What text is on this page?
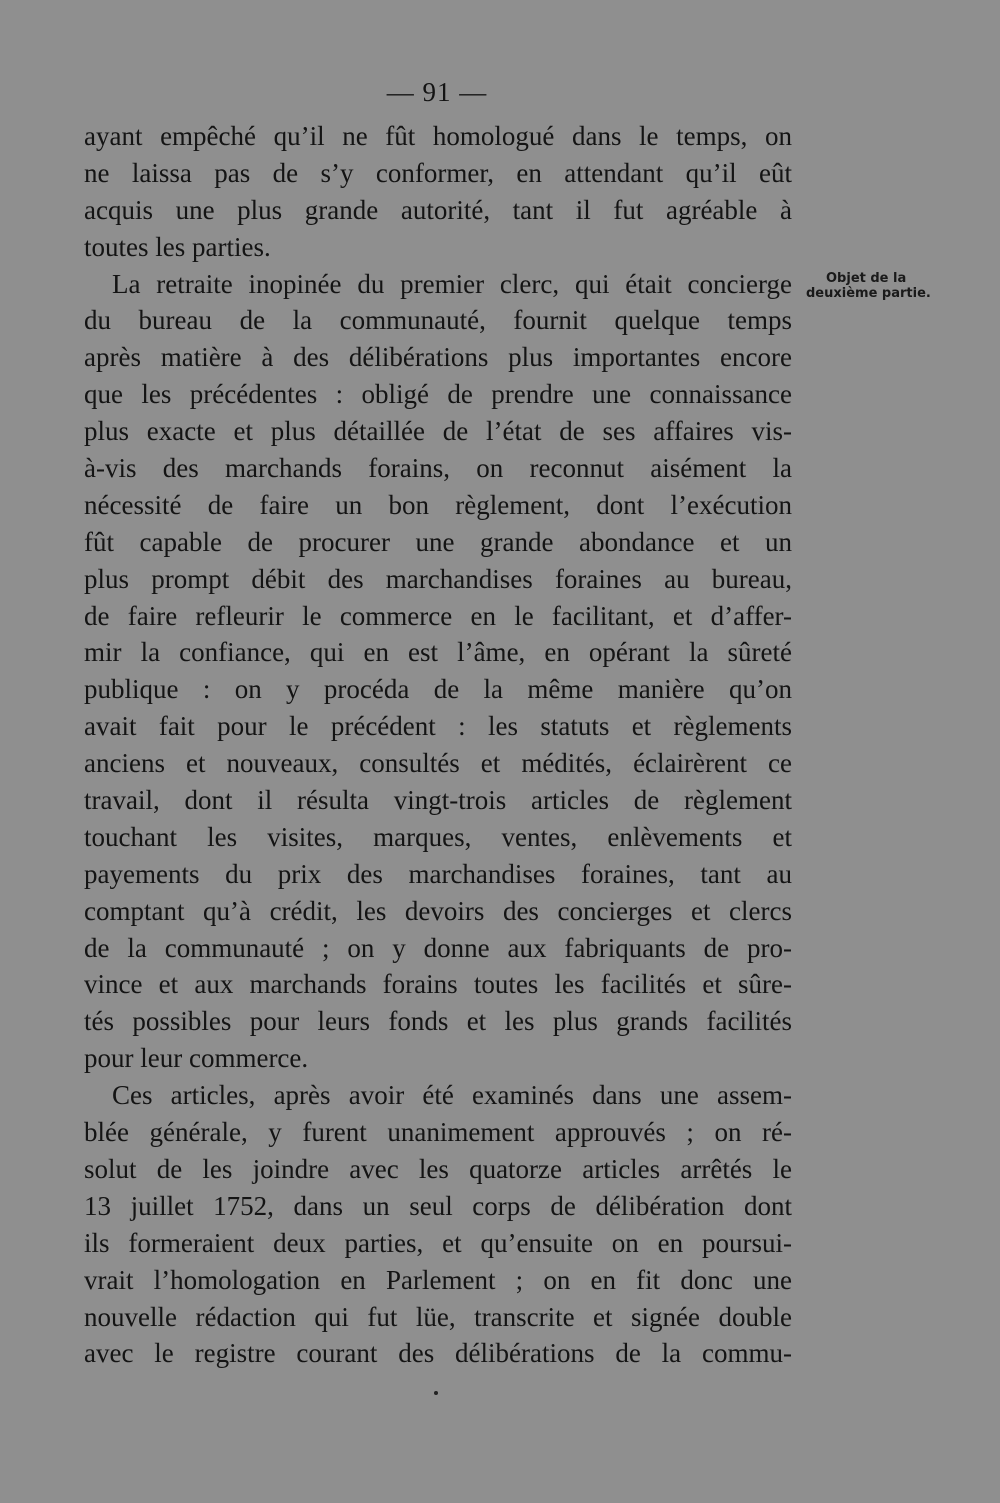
— 91 —
Objet de la
deuxième partie.
ayant empêché qu’il ne fût homologué dans le temps, on
ne laissa pas de s’y conformer, en attendant qu’il eût
acquis une plus grande autorité, tant il fut agréable à
toutes les parties.
La retraite inopinée du premier clerc, qui était concierge
du bureau de la communauté, fournit quelque temps
après matière à des délibérations plus importantes encore
que les précédentes : obligé de prendre une connaissance
plus exacte et plus détaillée de l’état de ses affaires vis-
à-vis des marchands forains, on reconnut aisément la
nécessité de faire un bon règlement, dont l’exécution
fût capable de procurer une grande abondance et un
plus prompt débit des marchandises foraines au bureau,
de faire refleurir le commerce en le facilitant, et d’affer-
mir la confiance, qui en est l’âme, en opérant la sûreté
publique : on y procéda de la même manière qu’on
avait fait pour le précédent : les statuts et règlements
anciens et nouveaux, consultés et médités, éclairèrent ce
travail, dont il résulta vingt-trois articles de règlement
touchant les visites, marques, ventes, enlèvements et
payements du prix des marchandises foraines, tant au
comptant qu’à crédit, les devoirs des concierges et clercs
de la communauté ; on y donne aux fabriquants de pro-
vince et aux marchands forains toutes les facilités et sûre-
tés possibles pour leurs fonds et les plus grands facilités
pour leur commerce.
Ces articles, après avoir été examinés dans une assem-
blée générale, y furent unanimement approuvés ; on ré-
solut de les joindre avec les quatorze articles arrêtés le
13 juillet 1752, dans un seul corps de délibération dont
ils formeraient deux parties, et qu’ensuite on en poursui-
vrait l’homologation en Parlement ; on en fit donc une
nouvelle rédaction qui fut lüe, transcrite et signée double
avec le registre courant des délibérations de la commu-
